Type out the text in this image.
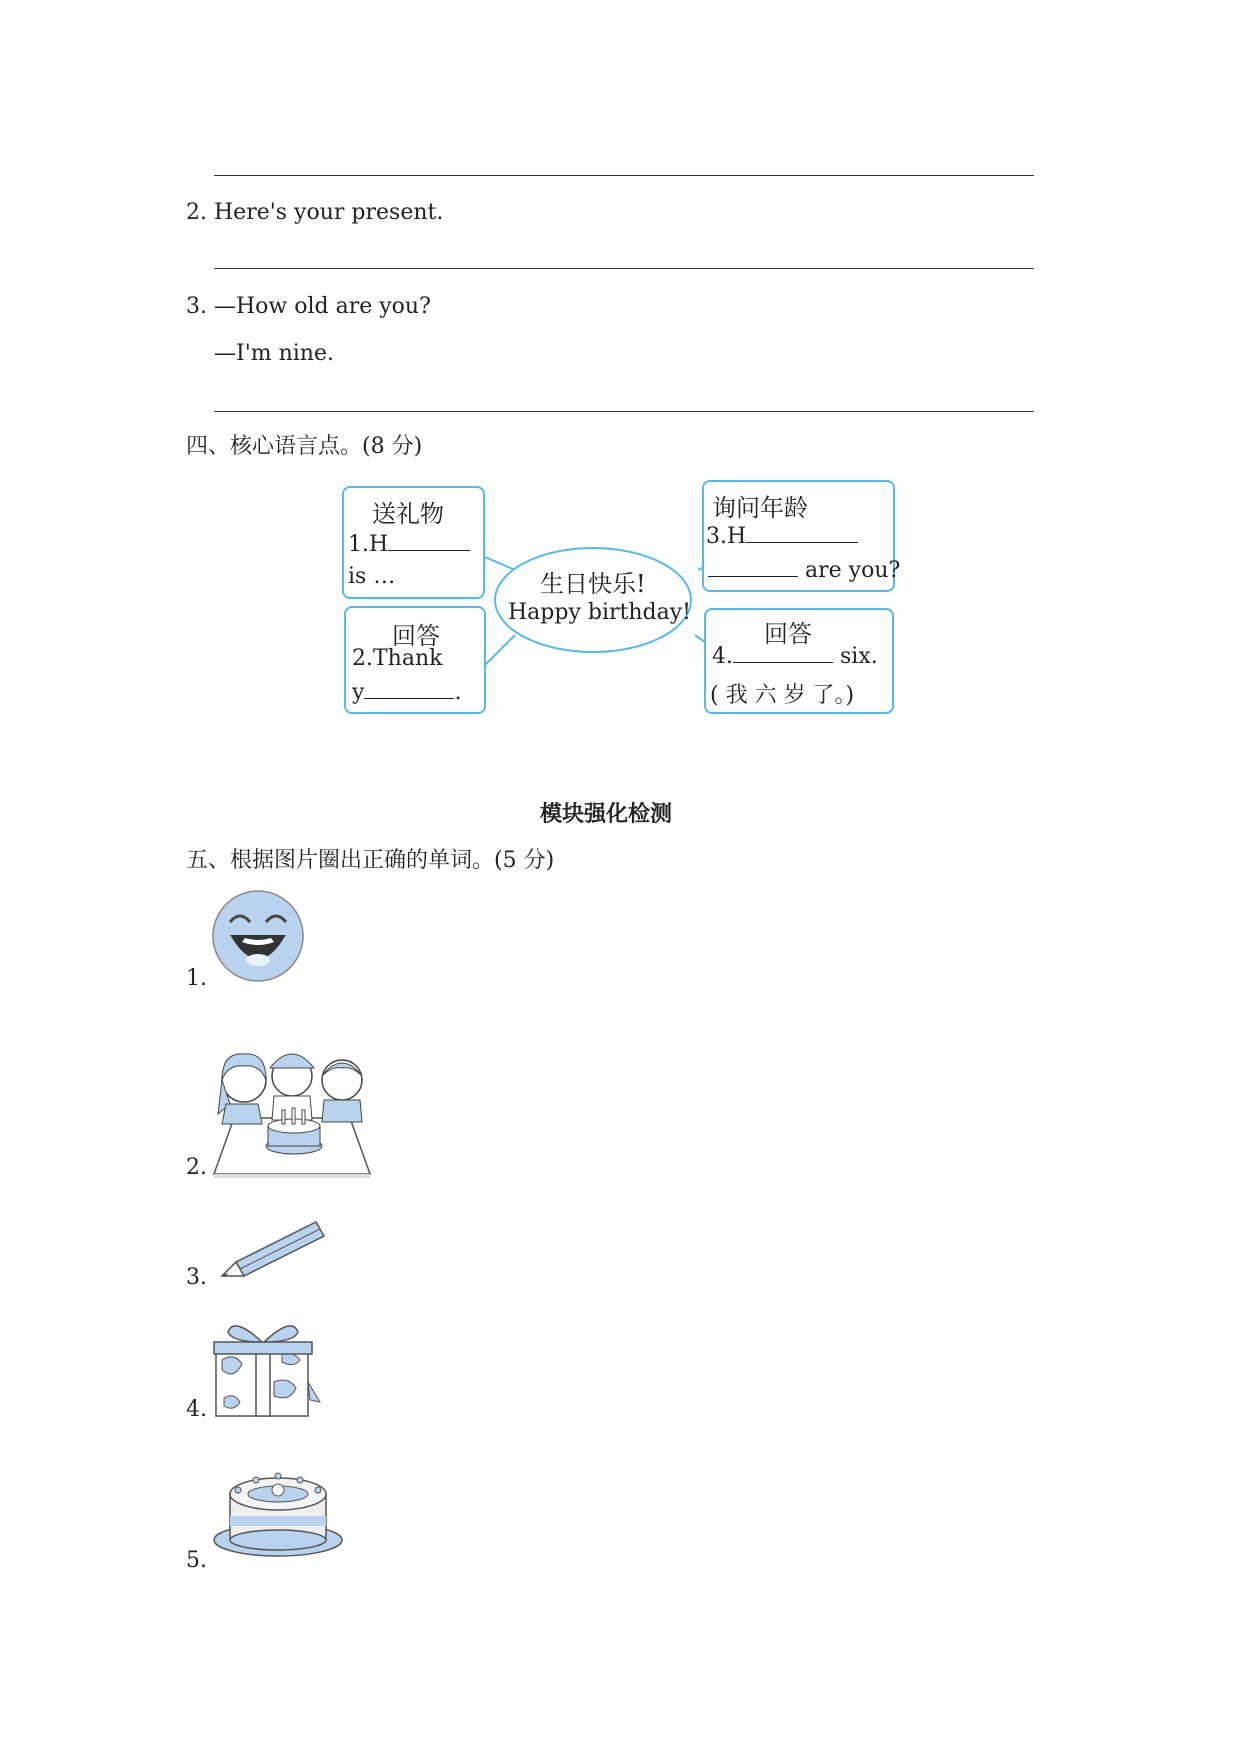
2. Here's your present.
3. —How old are you?
—I'm nine.
四、核心语言点。(8 分)
生日快乐!
Happy birthday!
送礼物
1.H
is …
回答
2.Thank
y	.
询问年龄
3.H
are you?
回答
4.	six.
( 我 六 岁 了。)
模块强化检测
五、根据图片圈出正确的单词。(5 分)
1.
2.
3.
4.
5.
